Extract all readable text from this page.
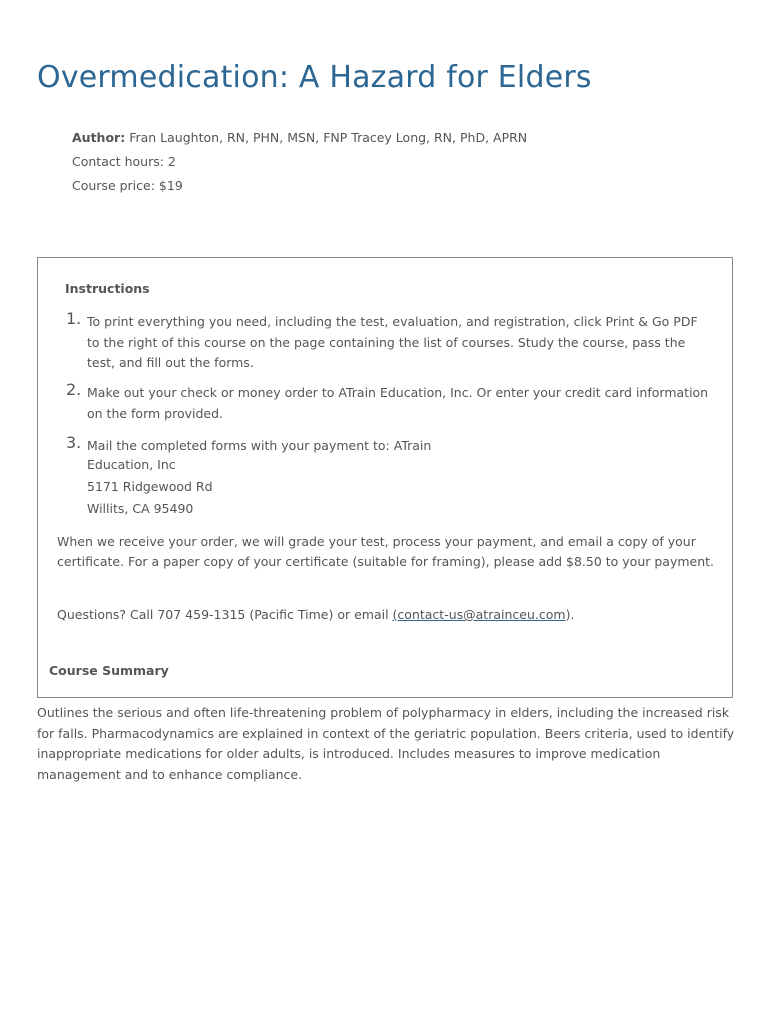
Overmedication: A Hazard for Elders
Author: Fran Laughton, RN, PHN, MSN, FNP Tracey Long, RN, PhD, APRN
Contact hours: 2
Course price: $19
Instructions
1. To print everything you need, including the test, evaluation, and registration, click Print & Go PDF to the right of this course on the page containing the list of courses. Study the course, pass the test, and fill out the forms.
2. Make out your check or money order to ATrain Education, Inc. Or enter your credit card information on the form provided.
3. Mail the completed forms with your payment to: ATrain
Education, Inc
5171 Ridgewood Rd
Willits, CA 95490
When we receive your order, we will grade your test, process your payment, and email a copy of your certificate. For a paper copy of your certificate (suitable for framing), please add $8.50 to your payment.
Questions? Call 707 459-1315 (Pacific Time) or email (contact-us@atrainceu.com).
Course Summary
Outlines the serious and often life-threatening problem of polypharmacy in elders, including the increased risk for falls. Pharmacodynamics are explained in context of the geriatric population. Beers criteria, used to identify inappropriate medications for older adults, is introduced. Includes measures to improve medication management and to enhance compliance.
